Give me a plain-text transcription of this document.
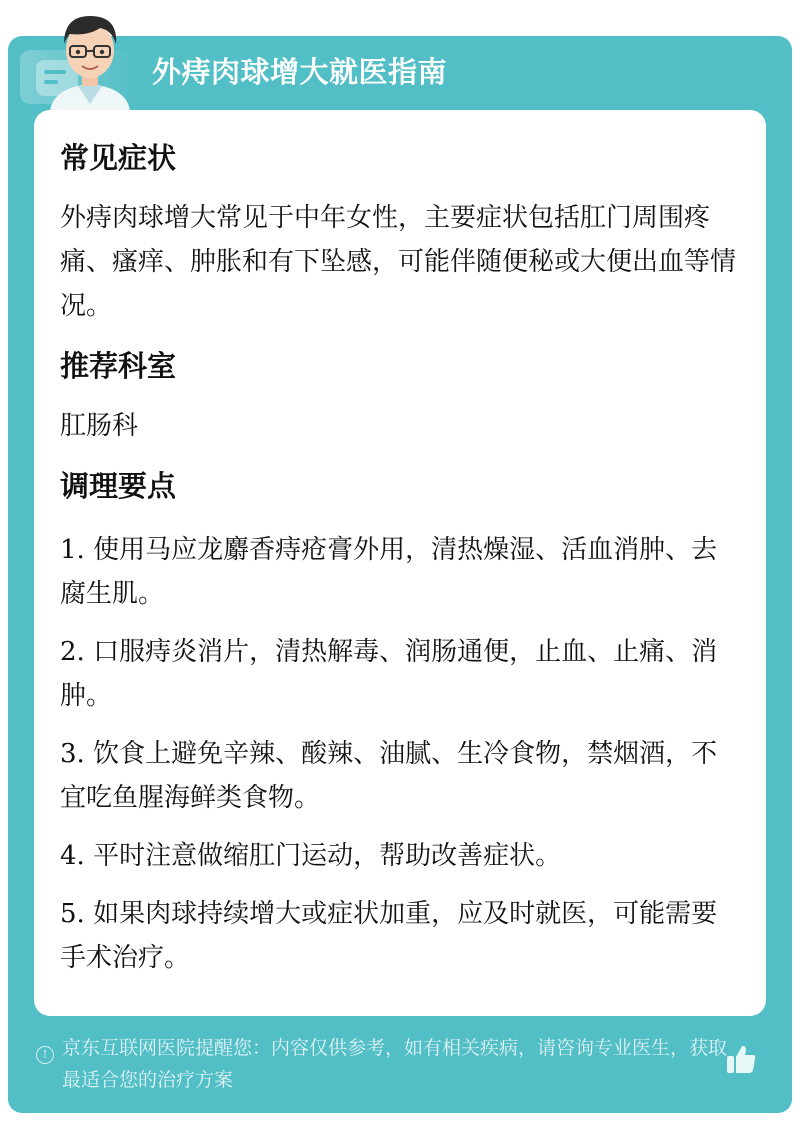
外痔肉球增大就医指南
常见症状
外痔肉球增大常见于中年女性，主要症状包括肛门周围疼痛、瘙痒、肿胀和有下坠感，可能伴随便秘或大便出血等情况。
推荐科室
肛肠科
调理要点
1. 使用马应龙麝香痔疮膏外用，清热燥湿、活血消肿、去腐生肌。
2. 口服痔炎消片，清热解毒、润肠通便，止血、止痛、消肿。
3. 饮食上避免辛辣、酸辣、油腻、生冷食物，禁烟酒，不宜吃鱼腥海鲜类食物。
4. 平时注意做缩肛门运动，帮助改善症状。
5. 如果肉球持续增大或症状加重，应及时就医，可能需要手术治疗。
! 京东互联网医院提醒您：内容仅供参考，如有相关疾病，请咨询专业医生，获取最适合您的治疗方案
